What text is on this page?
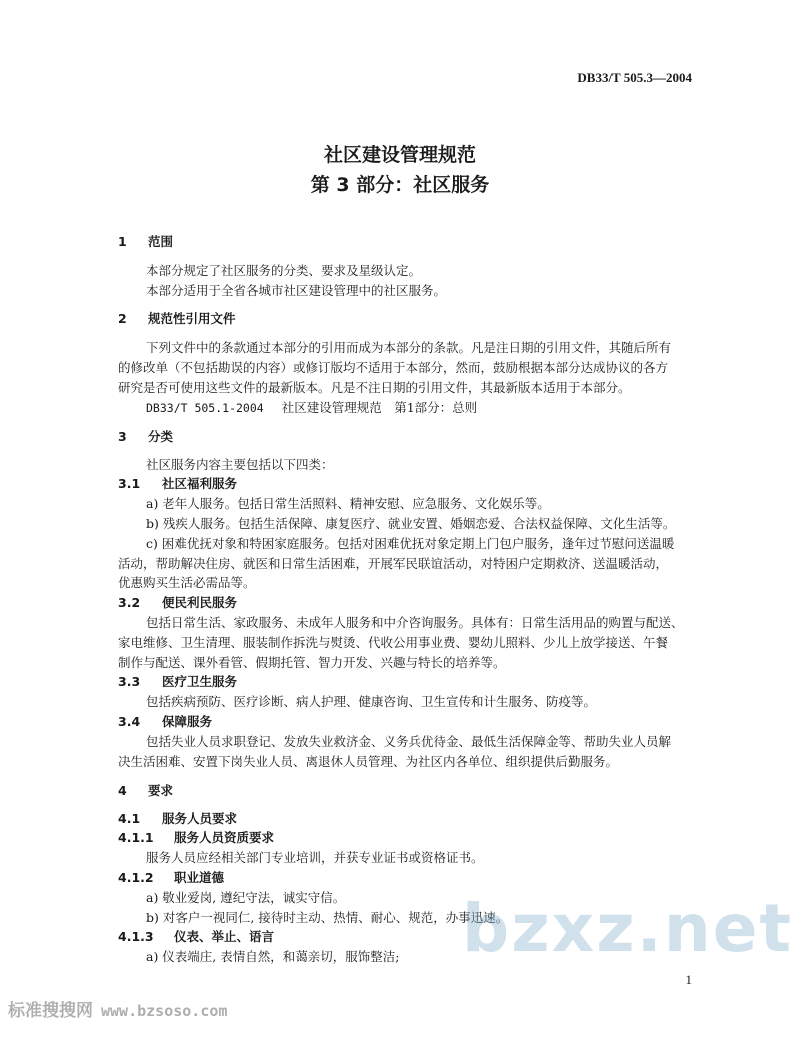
DB33/T 505.3—2004
社区建设管理规范
第 3 部分：社区服务
1 范围
本部分规定了社区服务的分类、要求及星级认定。
本部分适用于全省各城市社区建设管理中的社区服务。
2 规范性引用文件
下列文件中的条款通过本部分的引用而成为本部分的条款。凡是注日期的引用文件，其随后所有
的修改单（不包括勘误的内容）或修订版均不适用于本部分，然而，鼓励根据本部分达成协议的各方
研究是否可使用这些文件的最新版本。凡是不注日期的引用文件，其最新版本适用于本部分。
DB33/T 505.1-2004 社区建设管理规范　第1部分：总则
3 分类
社区服务内容主要包括以下四类：
3.1 社区福利服务
a) 老年人服务。包括日常生活照料、精神安慰、应急服务、文化娱乐等。
b) 残疾人服务。包括生活保障、康复医疗、就业安置、婚姻恋爱、合法权益保障、文化生活等。
c) 困难优抚对象和特困家庭服务。包括对困难优抚对象定期上门包户服务，逢年过节慰问送温暖
活动，帮助解决住房、就医和日常生活困难，开展军民联谊活动，对特困户定期救济、送温暖活动，
优惠购买生活必需品等。
3.2 便民利民服务
包括日常生活、家政服务、未成年人服务和中介咨询服务。具体有：日常生活用品的购置与配送、
家电维修、卫生清理、服装制作拆洗与熨烫、代收公用事业费、婴幼儿照料、少儿上放学接送、午餐
制作与配送、课外看管、假期托管、智力开发、兴趣与特长的培养等。
3.3 医疗卫生服务
包括疾病预防、医疗诊断、病人护理、健康咨询、卫生宣传和计生服务、防疫等。
3.4 保障服务
包括失业人员求职登记、发放失业救济金、义务兵优待金、最低生活保障金等、帮助失业人员解
决生活困难、安置下岗失业人员、离退休人员管理、为社区内各单位、组织提供后勤服务。
4 要求
4.1 服务人员要求
4.1.1 服务人员资质要求
服务人员应经相关部门专业培训，并获专业证书或资格证书。
4.1.2 职业道德
a) 敬业爱岗, 遵纪守法，诚实守信。
b) 对客户一视同仁, 接待时主动、热情、耐心、规范，办事迅速。
4.1.3 仪表、举止、语言
a) 仪表端庄, 表情自然，和蔼亲切，服饰整洁;
1
bzxz.net
标准搜搜网 www.bzsoso.com
